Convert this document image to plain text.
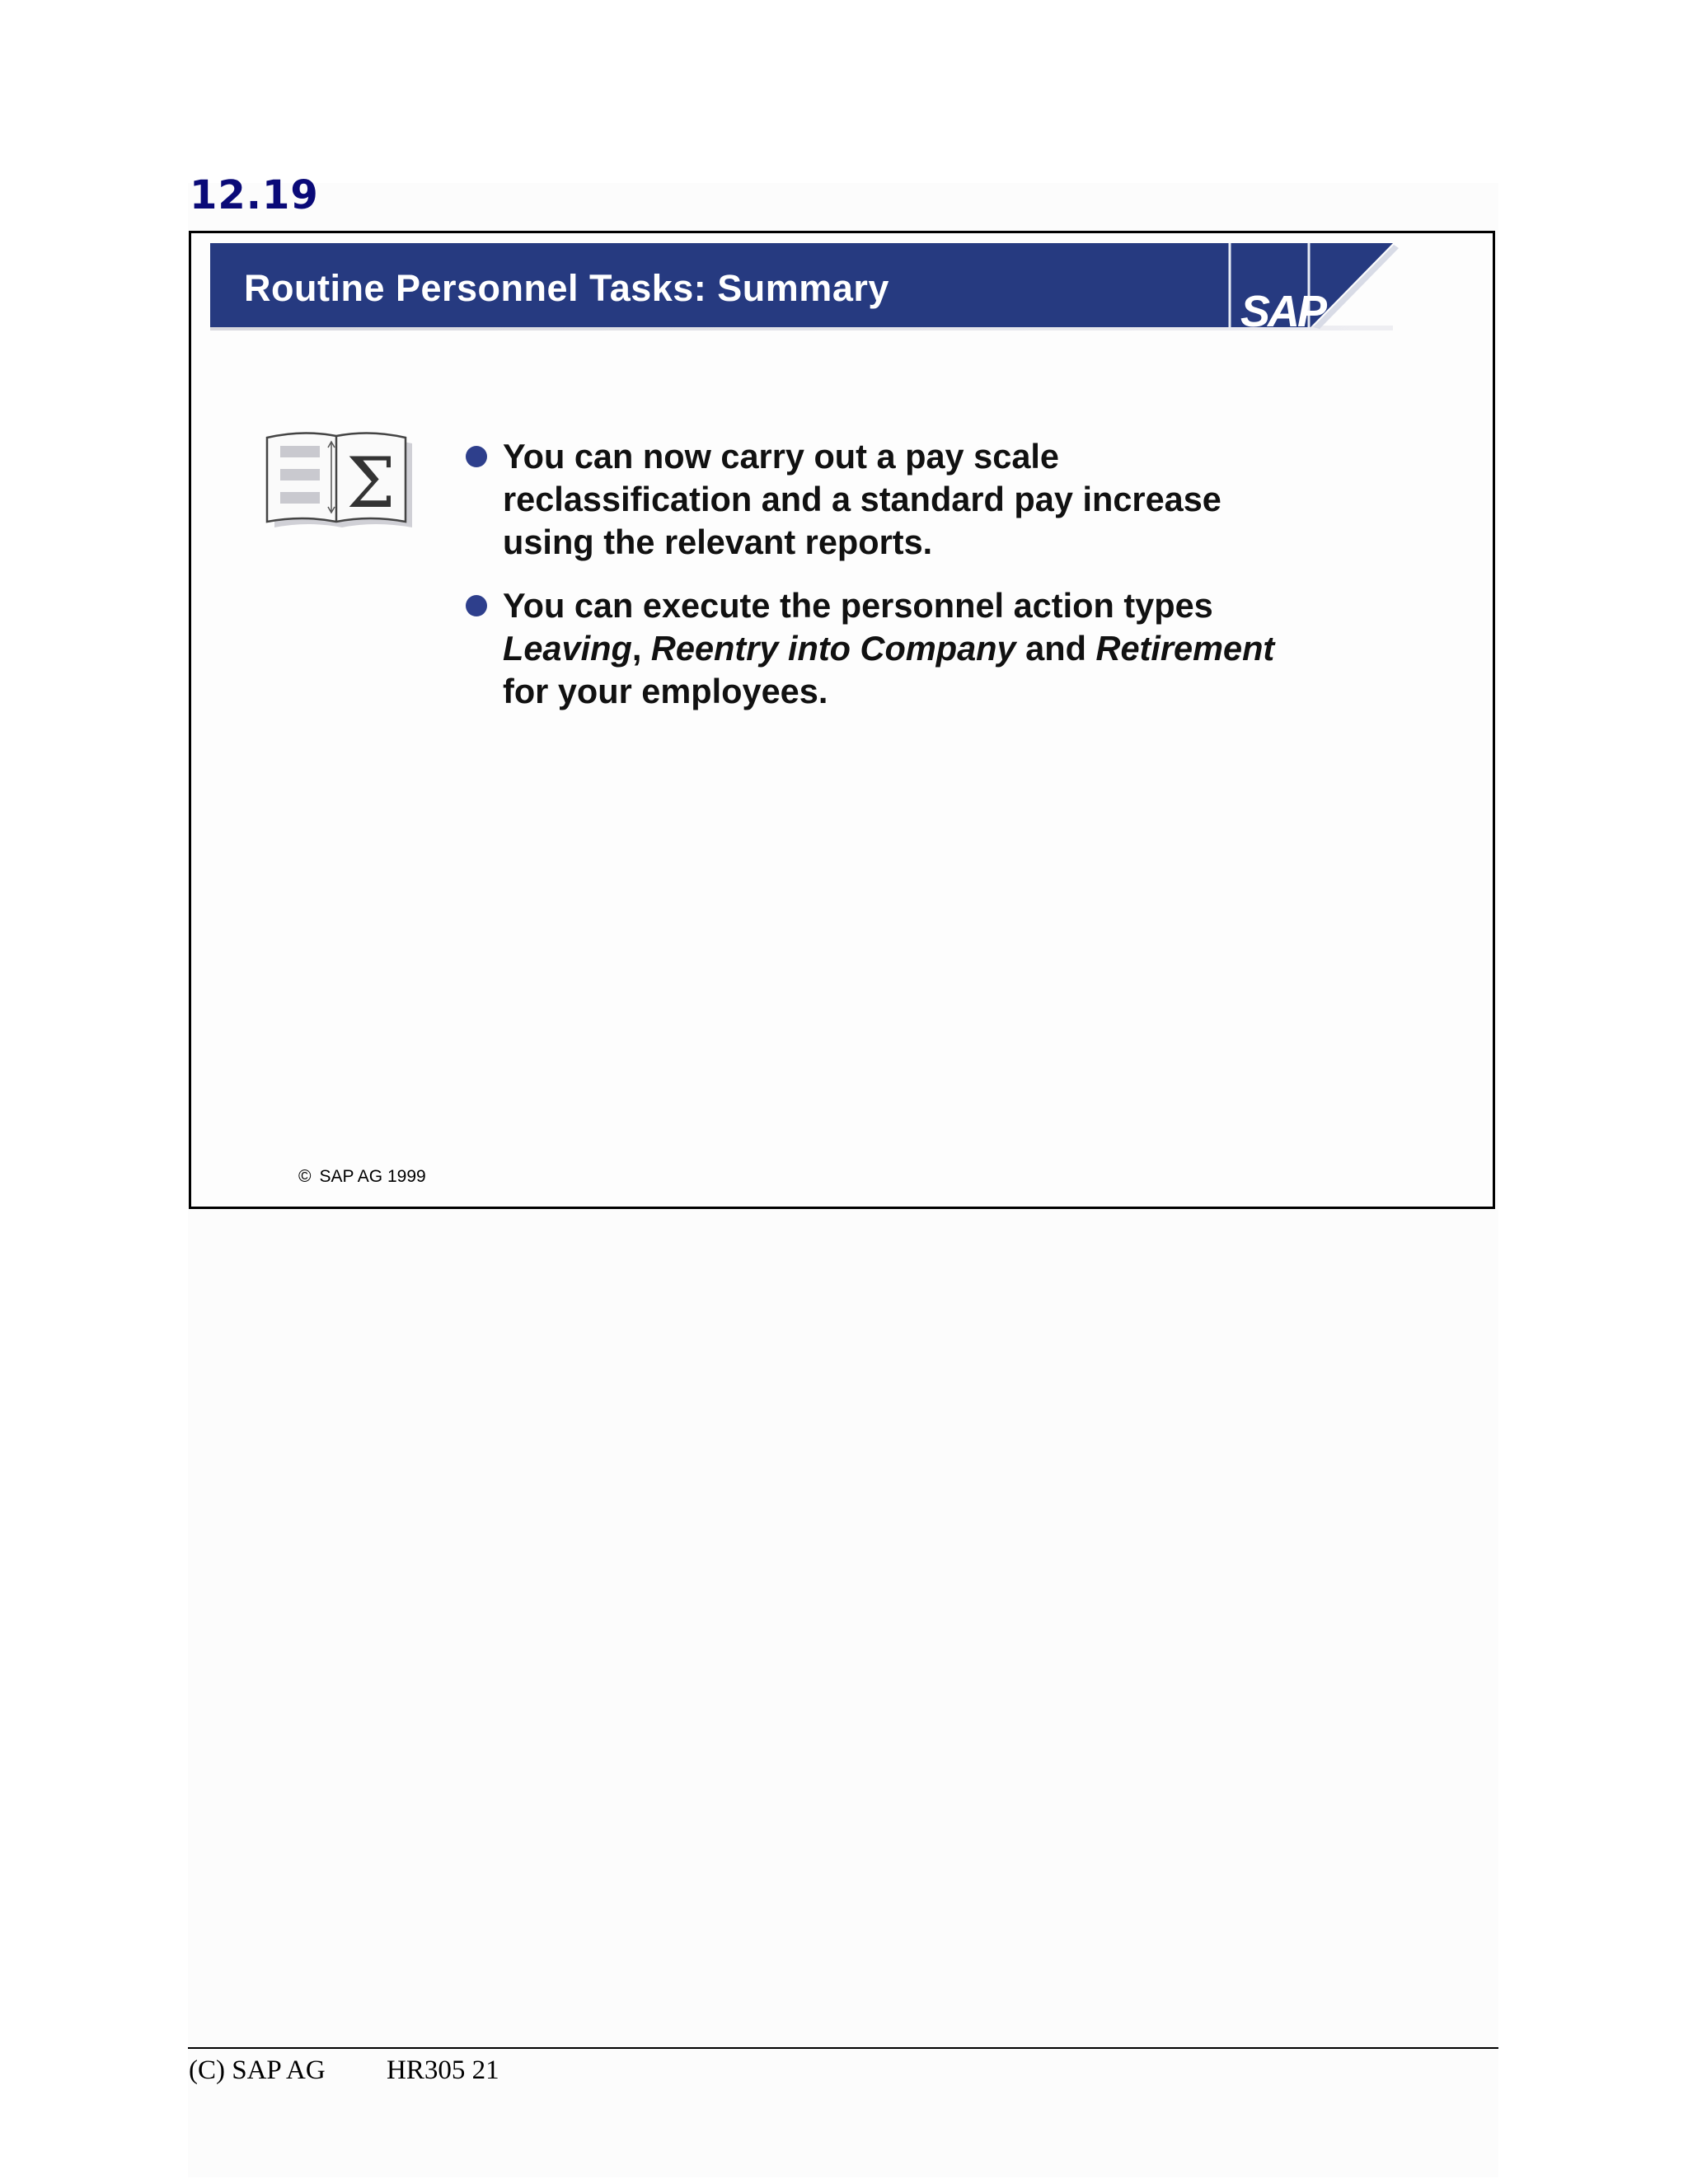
12.19
Routine Personnel Tasks: Summary	SAP
Σ	You can now carry out a pay scale
reclassification and a standard pay increase
using the relevant reports.
You can execute the personnel action types
Leaving, Reentry into Company and Retirement
for your employees.
© SAP AG 1999
(C) SAP AG HR305 21
